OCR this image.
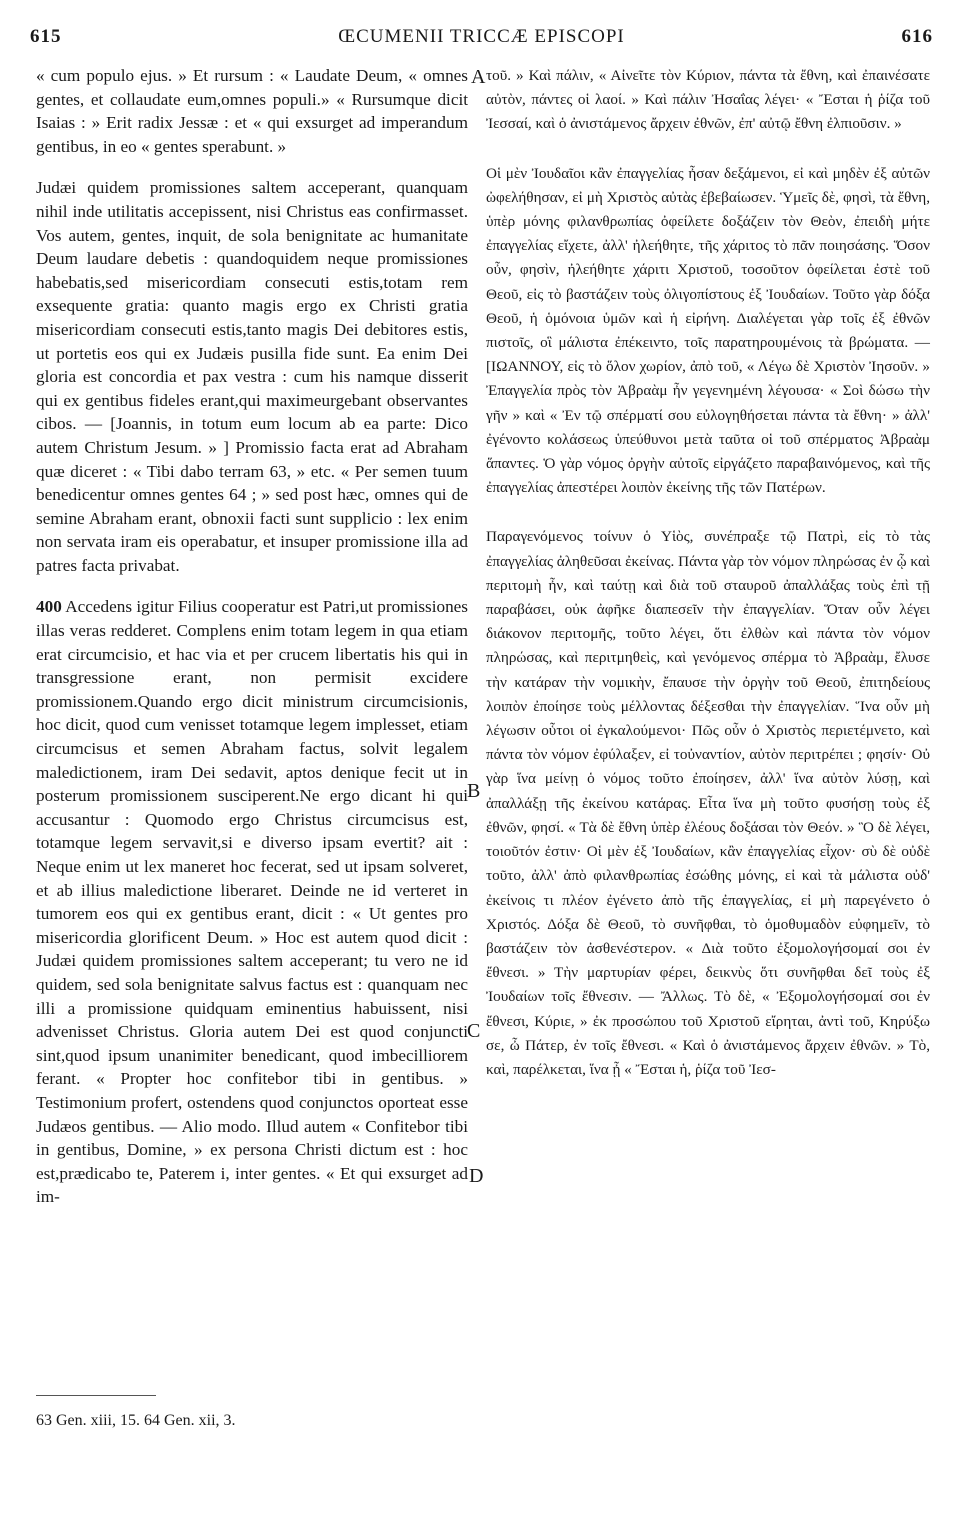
615	ŒCUMENII TRICCÆ EPISCOPI	616

« cum populo ejus. » Et rursum : « Laudate Deum, « omnes gentes, et collaudate eum,omnes populi.» « Rursumque dicit Isaias : » Erit radix Jessæ : et « qui exsurget ad imperandum gentibus, in eo « gentes sperabunt. »

Judæi quidem promissiones saltem acceperant, quanquam nihil inde utilitatis accepissent, nisi Christus eas confirmasset. Vos autem, gentes, inquit, de sola benignitate ac humanitate Deum laudare debetis : quandoquidem neque promissiones habebatis,sed misericordiam consecuti estis,totam rem exsequente gratia: quanto magis ergo ex Christi gratia misericordiam consecuti estis,tanto magis Dei debitores estis, ut portetis eos qui ex Judæis pusilla fide sunt. Ea enim Dei gloria est concordia et pax vestra : cum his namque disserit qui ex gentibus fideles erant,qui maximeurgebant observantes cibos. — [Joannis, in totum eum locum ab ea parte: Dico autem Christum Jesum. » ] Promissio facta erat ad Abraham quæ diceret : « Tibi dabo terram 63, » etc. « Per semen tuum benedicentur omnes gentes 64 ; » sed post hæc, omnes qui de semine Abraham erant, obnoxii facti sunt supplicio : lex enim non servata iram eis operabatur, et insuper promissione illa ad patres facta privabat.

400 Accedens igitur Filius cooperatur est Patri,ut promissiones illas veras redderet. Complens enim totam legem in qua etiam erat circumcisio, et hac via et per crucem libertatis his qui in transgressione erant, non permisit excidere promissionem.Quando ergo dicit ministrum circumcisionis, hoc dicit, quod cum venisset totamque legem implesset, etiam circumcisus et semen Abraham factus, solvit legalem maledictionem, iram Dei sedavit, aptos denique fecit ut in posterum promissionem susciperent.Ne ergo dicant hi qui accusantur : Quomodo ergo Christus circumcisus est, totamque legem servavit,si e diverso ipsam evertit? ait : Neque enim ut lex maneret hoc fecerat, sed ut ipsam solveret, et ab illius maledictione liberaret. Deinde ne id verteret in tumorem eos qui ex gentibus erant, dicit : « Ut gentes pro misericordia glorificent Deum. » Hoc est autem quod dicit : Judæi quidem promissiones saltem acceperant; tu vero ne id quidem, sed sola benignitate salvus factus est : quanquam nec illi a promissione quidquam eminentius habuissent, nisi advenisset Christus. Gloria autem Dei est quod conjuncti sint,quod ipsum unanimiter benedicant, quod imbecilliorem ferant. « Propter hoc confitebor tibi in gentibus. » Testimonium profert, ostendens quod conjunctos oporteat esse Judæos gentibus. — Alio modo. Illud autem « Confitebor tibi in gentibus, Domine, » ex persona Christi dictum est : hoc est,prædicabo te, Paterem i, inter gentes. « Et qui exsurget ad im-

τοῦ. » Καὶ πάλιν, « Αἰνεῖτε τὸν Κύριον, πάντα τὰ ἔθνη, καὶ ἐπαινέσατε αὐτὸν, πάντες οἱ λαοί. » Καὶ πάλιν Ἠσαΐας λέγει· « Ἔσται ἡ ῥίζα τοῦ Ἰεσσαί, καὶ ὁ ἀνιστάμενος ἄρχειν ἐθνῶν, ἐπ' αὐτῷ ἔθνη ἐλπιοῦσιν. »

Οἱ μὲν Ἰουδαῖοι κἂν ἐπαγγελίας ἦσαν δεξάμενοι, εἰ καὶ μηδὲν ἐξ αὐτῶν ὠφελήθησαν, εἰ μὴ Χριστὸς αὐτὰς ἐβεβαίωσεν. Ὑμεῖς δὲ, φησὶ, τὰ ἔθνη, ὑπὲρ μόνης φιλανθρωπίας ὀφείλετε δοξάζειν τὸν Θεὸν, ἐπειδὴ μήτε ἐπαγγελίας εἴχετε, ἀλλ' ἠλεήθητε, τῆς χάριτος τὸ πᾶν ποιησάσης. Ὅσον οὖν, φησὶν, ἠλεήθητε χάριτι Χριστοῦ, τοσοῦτον ὀφείλεται ἐστὲ τοῦ Θεοῦ, εἰς τὸ βαστάζειν τοὺς ὀλιγοπίστους ἐξ Ἰουδαίων. Τοῦτο γὰρ δόξα Θεοῦ, ἡ ὁμόνοια ὑμῶν καὶ ἡ εἰρήνη. Διαλέγεται γὰρ τοῖς ἐξ ἐθνῶν πιστοῖς, οἳ μάλιστα ἐπέκειντο, τοῖς παρατηρουμένοις τὰ βρώματα. — [ΙΩΑΝΝΟΥ, εἰς τὸ ὅλον χωρίον, ἀπὸ τοῦ, « Λέγω δὲ Χριστὸν Ἰησοῦν. » Ἐπαγγελία πρὸς τὸν Ἀβραὰμ ἦν γεγενημένη λέγουσα· « Σοὶ δώσω τὴν γῆν » καὶ « Ἐν τῷ σπέρματί σου εὐλογηθήσεται πάντα τὰ ἔθνη· » ἀλλ' ἐγένοντο κολάσεως ὑπεύθυνοι μετὰ ταῦτα οἱ τοῦ σπέρματος Ἀβραὰμ ἅπαντες. Ὁ γὰρ νόμος ὀργὴν αὐτοῖς εἰργάζετο παραβαινόμενος, καὶ τῆς ἐπαγγελίας ἀπεστέρει λοιπὸν ἐκείνης τῆς τῶν Πατέρων.

Παραγενόμενος τοίνυν ὁ Υἱὸς, συνέπραξε τῷ Πατρὶ, εἰς τὸ τὰς ἐπαγγελίας ἀληθεῦσαι ἐκείνας. Πάντα γὰρ τὸν νόμον πληρώσας ἐν ᾧ καὶ περιτομὴ ἦν, καὶ ταύτῃ καὶ διὰ τοῦ σταυροῦ ἀπαλλάξας τοὺς ἐπὶ τῇ παραβάσει, οὐκ ἀφῆκε διαπεσεῖν τὴν ἐπαγγελίαν. Ὅταν οὖν λέγει διάκονον περιτομῆς, τοῦτο λέγει, ὅτι ἐλθὼν καὶ πάντα τὸν νόμον πληρώσας, καὶ περιτμηθεὶς, καὶ γενόμενος σπέρμα τὸ Ἀβραὰμ, ἔλυσε τὴν κατάραν τὴν νομικὴν, ἔπαυσε τὴν ὀργὴν τοῦ Θεοῦ, ἐπιτηδείους λοιπὸν ἐποίησε τοὺς μέλλοντας δέξεσθαι τὴν ἐπαγγελίαν. Ἵνα οὖν μὴ λέγωσιν οὗτοι οἱ ἐγκαλούμενοι· Πῶς οὖν ὁ Χριστὸς περιετέμνετο, καὶ πάντα τὸν νόμον ἐφύλαξεν, εἰ τοὐναντίον, αὐτὸν περιτρέπει ; φησίν· Οὐ γὰρ ἵνα μείνῃ ὁ νόμος τοῦτο ἐποίησεν, ἀλλ' ἵνα αὐτὸν λύσῃ, καὶ ἀπαλλάξῃ τῆς ἐκείνου κατάρας. Εἶτα ἵνα μὴ τοῦτο φυσήσῃ τοὺς ἐξ ἐθνῶν, φησί. « Τὰ δὲ ἔθνη ὑπὲρ ἐλέους δοξάσαι τὸν Θεόν. » Ὃ δὲ λέγει, τοιοῦτόν ἐστιν· Οἱ μὲν ἐξ Ἰουδαίων, κἂν ἐπαγγελίας εἶχον· σὺ δὲ οὐδὲ τοῦτο, ἀλλ' ἀπὸ φιλανθρωπίας ἐσώθης μόνης, εἰ καὶ τὰ μάλιστα οὐδ' ἐκείνοις τι πλέον ἐγένετο ἀπὸ τῆς ἐπαγγελίας, εἰ μὴ παρεγένετο ὁ Χριστός. Δόξα δὲ Θεοῦ, τὸ συνῆφθαι, τὸ ὁμοθυμαδὸν εὐφημεῖν, τὸ βαστάζειν τὸν ἀσθενέστερον. « Διὰ τοῦτο ἐξομολογήσομαί σοι ἐν ἔθνεσι. » Τὴν μαρτυρίαν φέρει, δεικνὺς ὅτι συνῆφθαι δεῖ τοὺς ἐξ Ἰουδαίων τοῖς ἔθνεσιν. — Ἄλλως. Τὸ δὲ, « Ἐξομολογήσομαί σοι ἐν ἔθνεσι, Κύριε, » ἐκ προσώπου τοῦ Χριστοῦ εἴρηται, ἀντὶ τοῦ, Κηρύξω σε, ὦ Πάτερ, ἐν τοῖς ἔθνεσι. « Καὶ ὁ ἀνιστάμενος ἄρχειν ἐθνῶν. » Τὸ, καὶ, παρέλκεται, ἵνα ᾖ « Ἔσται ἡ, ῥίζα τοῦ Ἰεσ-

A
B
C
D
63 Gen. xiii, 15. 64 Gen. xii, 3.
